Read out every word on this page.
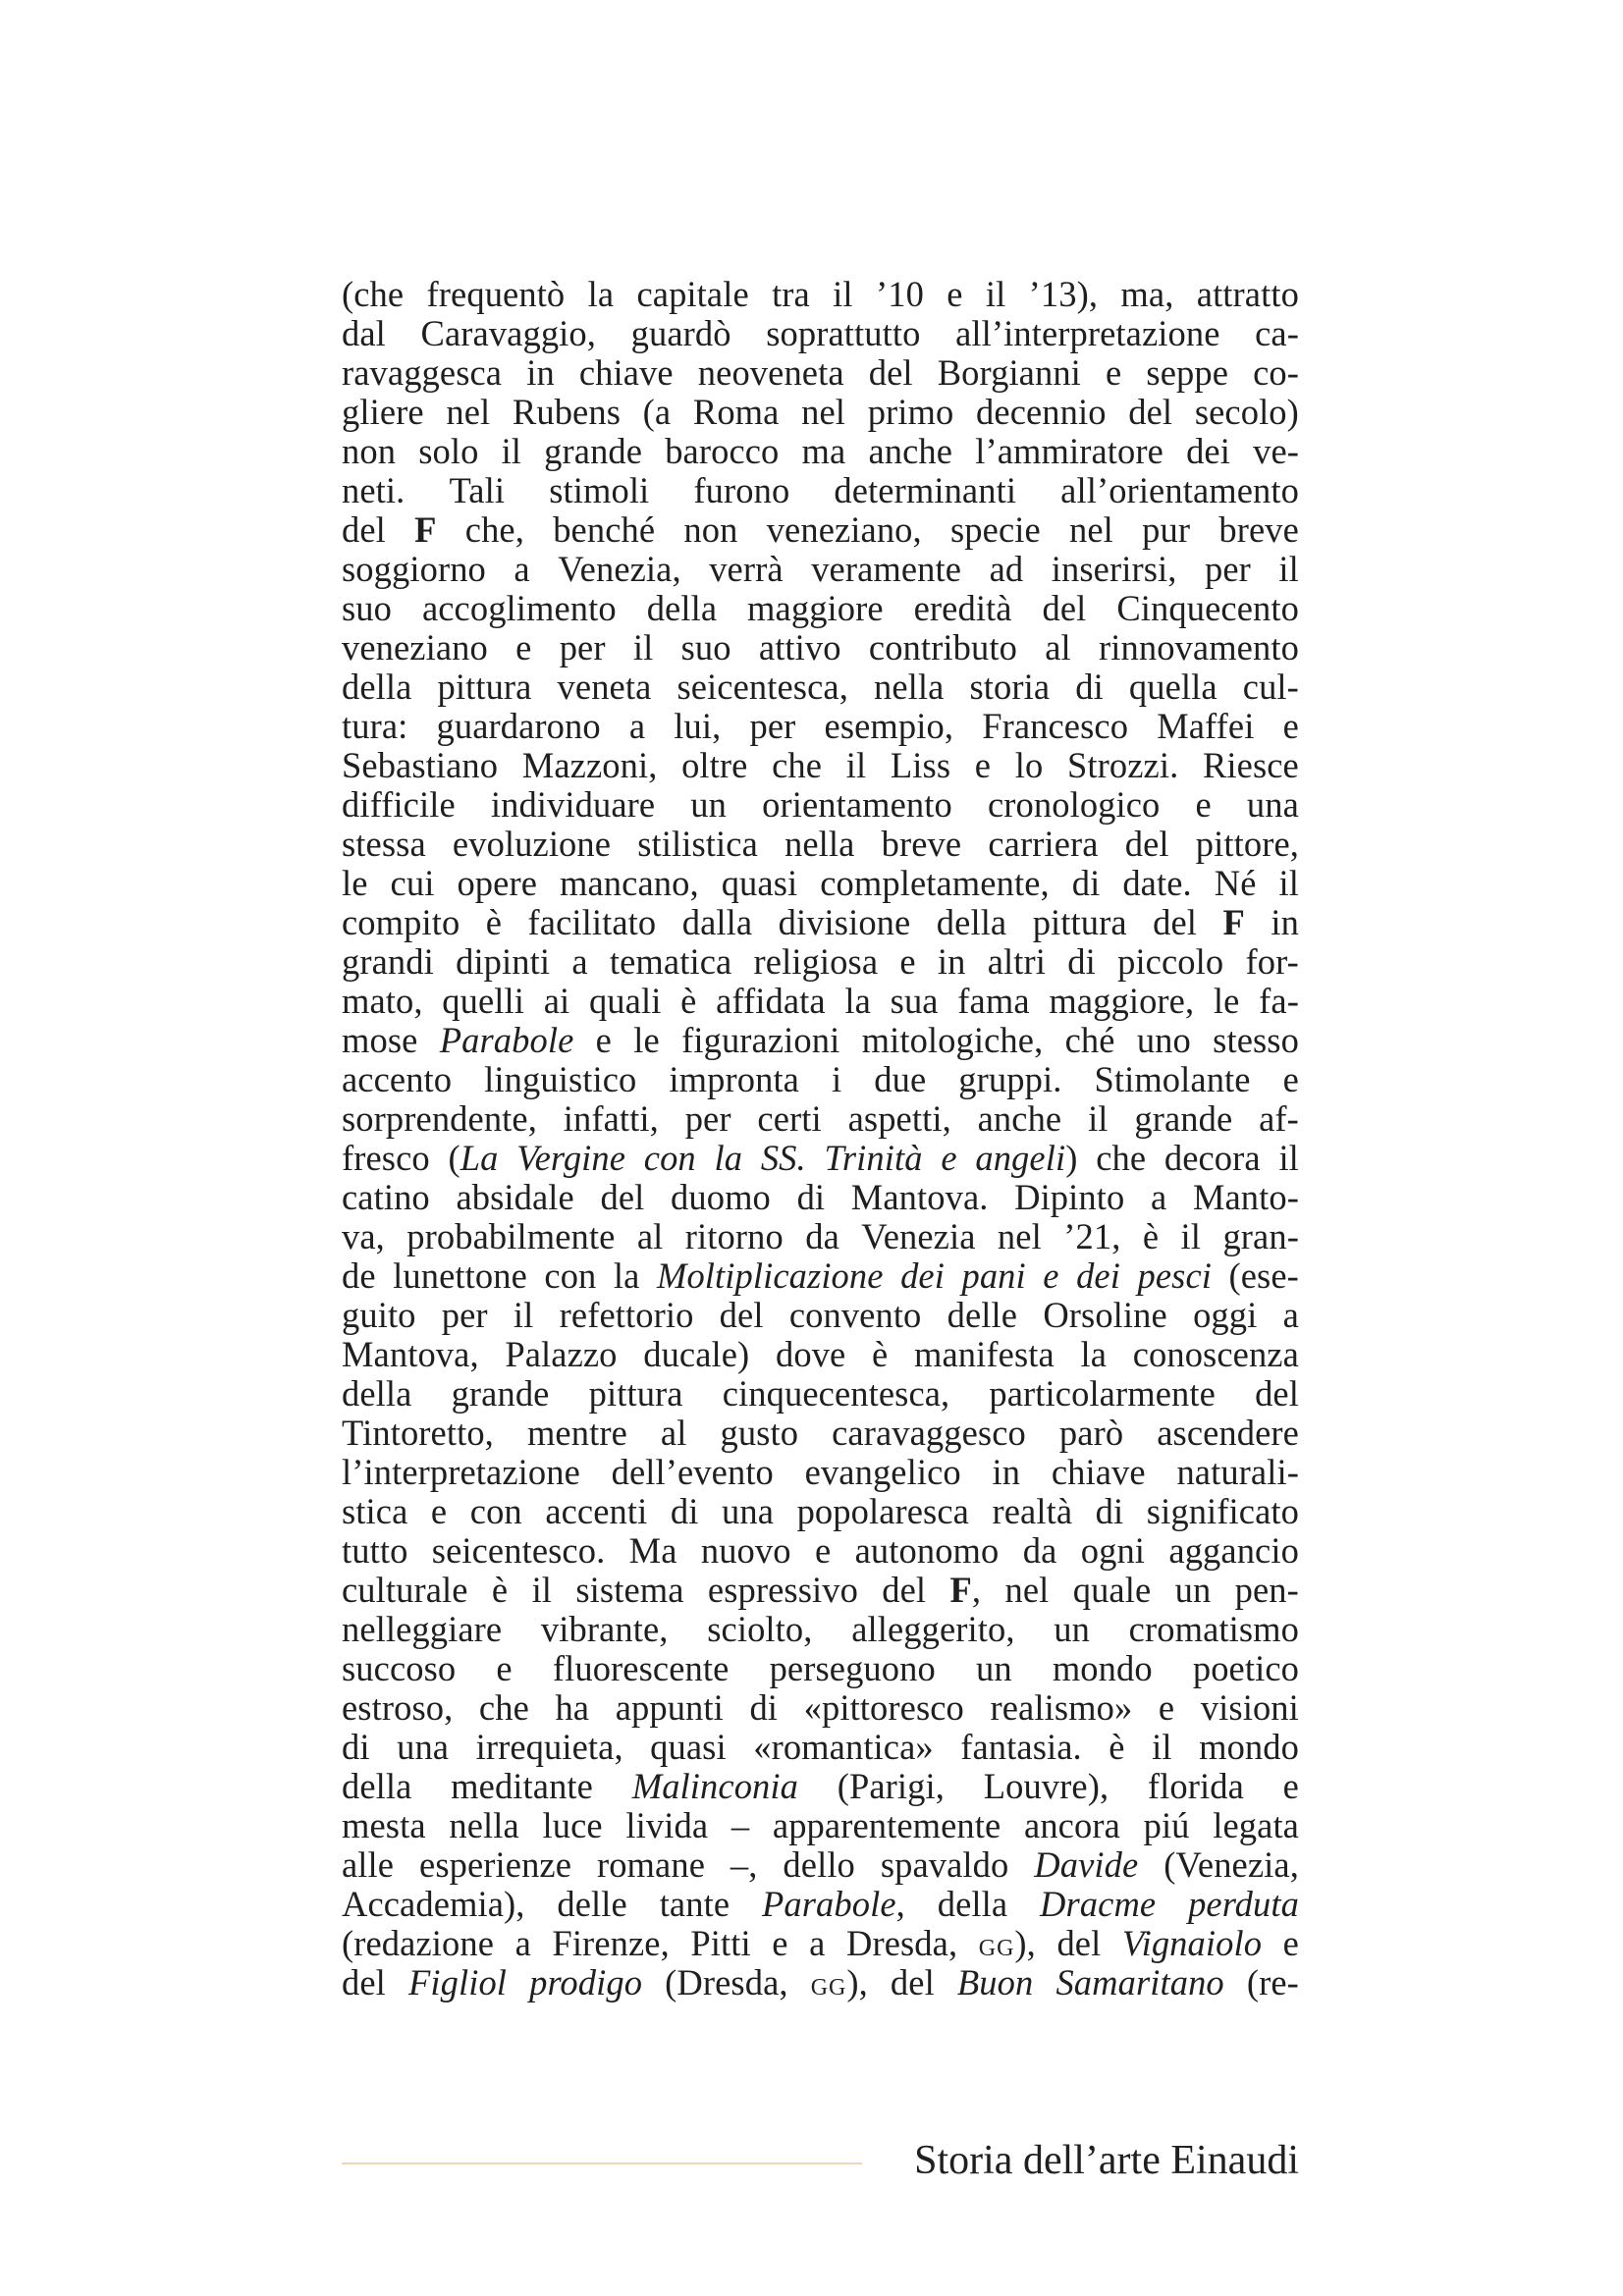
(che frequentò la capitale tra il ’10 e il ’13), ma, attratto
dal Caravaggio, guardò soprattutto all’interpretazione ca-
ravaggesca in chiave neoveneta del Borgianni e seppe co-
gliere nel Rubens (a Roma nel primo decennio del secolo)
non solo il grande barocco ma anche l’ammiratore dei ve-
neti. Tali stimoli furono determinanti all’orientamento
del F che, benché non veneziano, specie nel pur breve
soggiorno a Venezia, verrà veramente ad inserirsi, per il
suo accoglimento della maggiore eredità del Cinquecento
veneziano e per il suo attivo contributo al rinnovamento
della pittura veneta seicentesca, nella storia di quella cul-
tura: guardarono a lui, per esempio, Francesco Maffei e
Sebastiano Mazzoni, oltre che il Liss e lo Strozzi. Riesce
difficile individuare un orientamento cronologico e una
stessa evoluzione stilistica nella breve carriera del pittore,
le cui opere mancano, quasi completamente, di date. Né il
compito è facilitato dalla divisione della pittura del F in
grandi dipinti a tematica religiosa e in altri di piccolo for-
mato, quelli ai quali è affidata la sua fama maggiore, le fa-
mose Parabole e le figurazioni mitologiche, ché uno stesso
accento linguistico impronta i due gruppi. Stimolante e
sorprendente, infatti, per certi aspetti, anche il grande af-
fresco (La Vergine con la SS. Trinità e angeli) che decora il
catino absidale del duomo di Mantova. Dipinto a Manto-
va, probabilmente al ritorno da Venezia nel ’21, è il gran-
de lunettone con la Moltiplicazione dei pani e dei pesci (ese-
guito per il refettorio del convento delle Orsoline oggi a
Mantova, Palazzo ducale) dove è manifesta la conoscenza
della grande pittura cinquecentesca, particolarmente del
Tintoretto, mentre al gusto caravaggesco parò ascendere
l’interpretazione dell’evento evangelico in chiave naturali-
stica e con accenti di una popolaresca realtà di significato
tutto seicentesco. Ma nuovo e autonomo da ogni aggancio
culturale è il sistema espressivo del F, nel quale un pen-
nelleggiare vibrante, sciolto, alleggerito, un cromatismo
succoso e fluorescente perseguono un mondo poetico
estroso, che ha appunti di «pittoresco realismo» e visioni
di una irrequieta, quasi «romantica» fantasia. è il mondo
della meditante Malinconia (Parigi, Louvre), florida e
mesta nella luce livida – apparentemente ancora piú legata
alle esperienze romane –, dello spavaldo Davide (Venezia,
Accademia), delle tante Parabole, della Dracme perduta
(redazione a Firenze, Pitti e a Dresda, gg), del Vignaiolo e
del Figliol prodigo (Dresda, gg), del Buon Samaritano (re-
Storia dell’arte Einaudi
